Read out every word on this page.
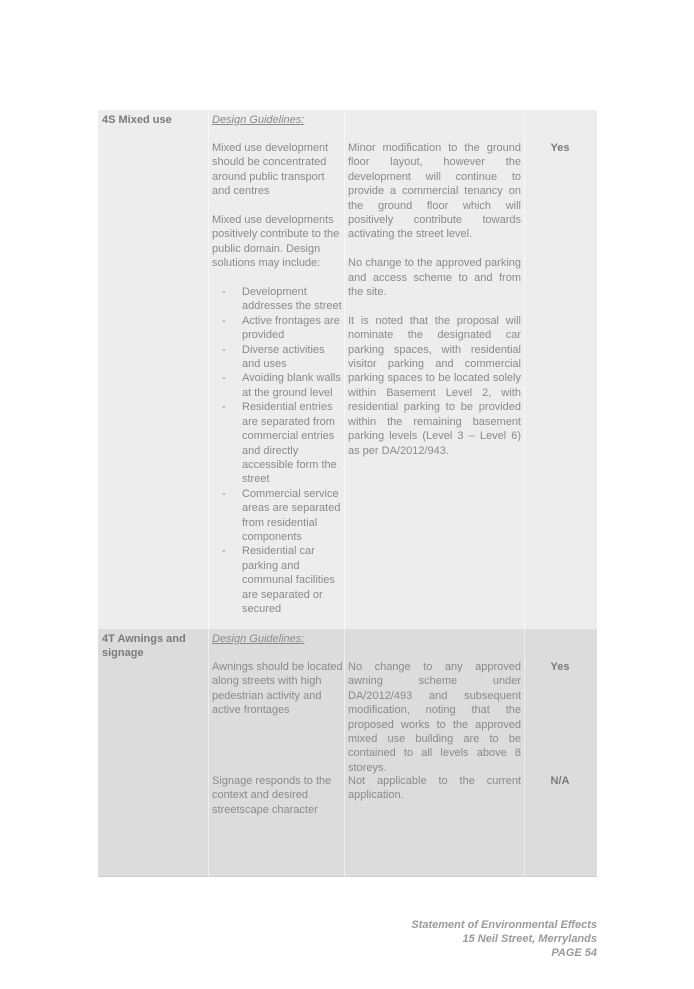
4S Mixed use	Design Guidelines:

Mixed use development should be concentrated around public transport and centres

Mixed use developments positively contribute to the public domain. Design solutions may include:

- Development addresses the street
- Active frontages are provided
- Diverse activities and uses
- Avoiding blank walls at the ground level
- Residential entries are separated from commercial entries and directly accessible form the street
- Commercial service areas are separated from residential components
- Residential car parking and communal facilities are separated or secured

Minor modification to the ground floor layout, however the development will continue to provide a commercial tenancy on the ground floor which will positively contribute towards activating the street level.

No change to the approved parking and access scheme to and from the site.

It is noted that the proposal will nominate the designated car parking spaces, with residential visitor parking and commercial parking spaces to be located solely within Basement Level 2, with residential parking to be provided within the remaining basement parking levels (Level 3 – Level 6) as per DA/2012/943.

Yes
4T Awnings and signage
Design Guidelines:
Awnings should be located along streets with high pedestrian activity and active frontages
No change to any approved awning scheme under DA/2012/493 and subsequent modification, noting that the proposed works to the approved mixed use building are to be contained to all levels above 8 storeys.
Yes
Signage responds to the context and desired streetscape character
Not applicable to the current application.
N/A
Statement of Environmental Effects
15 Neil Street, Merrylands
PAGE 54
